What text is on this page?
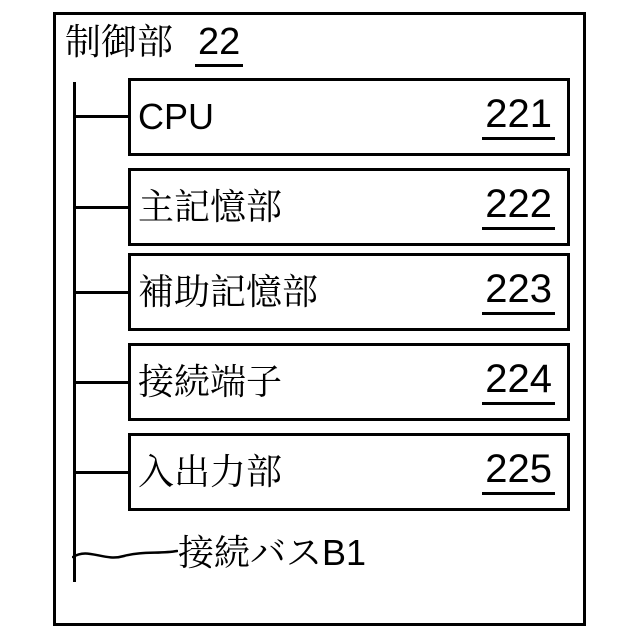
制御部 22
CPU	221
主記憶部	222
補助記憶部	223
接続端子	224
入出力部	225
接続バスB1
